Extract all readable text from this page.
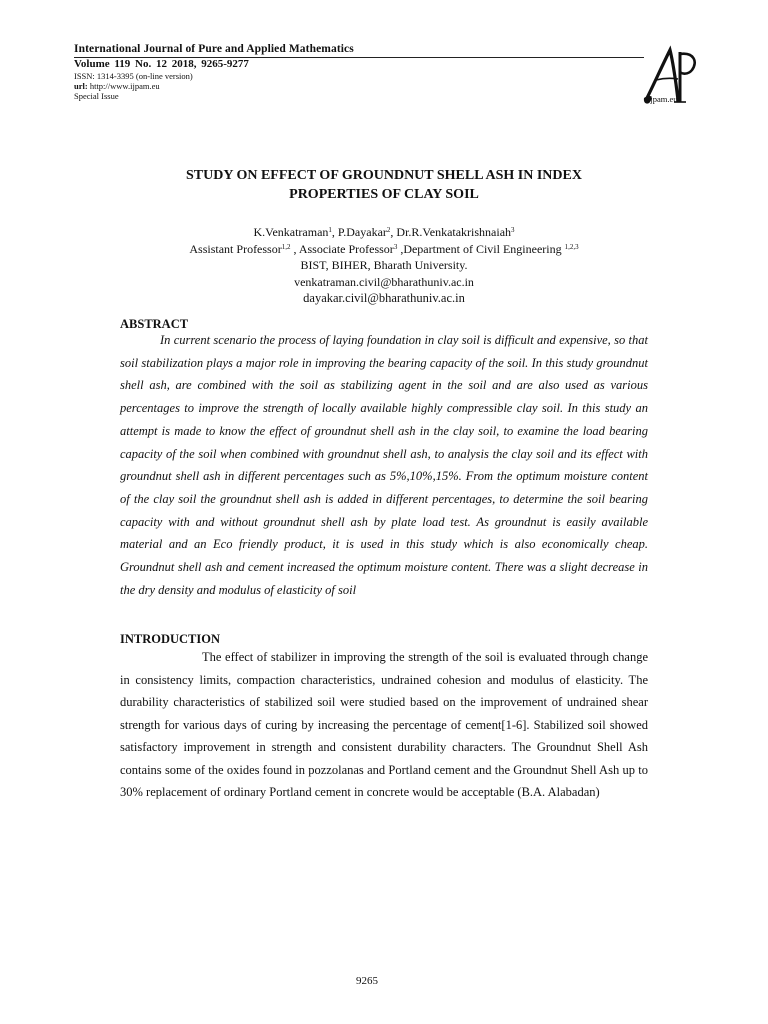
International Journal of Pure and Applied Mathematics
Volume 119 No. 12 2018, 9265-9277
ISSN: 1314-3395 (on-line version)
url: http://www.ijpam.eu
Special Issue	ijpam.eu
STUDY ON EFFECT OF GROUNDNUT SHELL ASH IN INDEX
PROPERTIES OF CLAY SOIL
K.Venkatraman$^1$, P.Dayakar$^2$, Dr.R.Venkatakrishnaiah$^3$
Assistant Professor$^{1,2}$ , Associate Professor$^3$ ,Department of Civil Engineering $^{1,2,3}$
BIST, BIHER, Bharath University.
venkatraman.civil@bharathuniv.ac.in
dayakar.civil@bharathuniv.ac.in
ABSTRACT
In current scenario the process of laying foundation in clay soil is difficult and expensive, so that soil stabilization plays a major role in improving the bearing capacity of the soil. In this study groundnut shell ash, are combined with the soil as stabilizing agent in the soil and are also used as various percentages to improve the strength of locally available highly compressible clay soil. In this study an attempt is made to know the effect of groundnut shell ash in the clay soil, to examine the load bearing capacity of the soil when combined with groundnut shell ash, to analysis the clay soil and its effect with groundnut shell ash in different percentages such as 5%,10%,15%. From the optimum moisture content of the clay soil the groundnut shell ash is added in different percentages, to determine the soil bearing capacity with and without groundnut shell ash by plate load test. As groundnut is easily available material and an Eco friendly product, it is used in this study which is also economically cheap. Groundnut shell ash and cement increased the optimum moisture content. There was a slight decrease in the dry density and modulus of elasticity of soil
INTRODUCTION
The effect of stabilizer in improving the strength of the soil is evaluated through change in consistency limits, compaction characteristics, undrained cohesion and modulus of elasticity. The durability characteristics of stabilized soil were studied based on the improvement of undrained shear strength for various days of curing by increasing the percentage of cement[1-6]. Stabilized soil showed satisfactory improvement in strength and consistent durability characters. The Groundnut Shell Ash contains some of the oxides found in pozzolanas and Portland cement and the Groundnut Shell Ash up to 30% replacement of ordinary Portland cement in concrete would be acceptable (B.A. Alabadan)
9265
